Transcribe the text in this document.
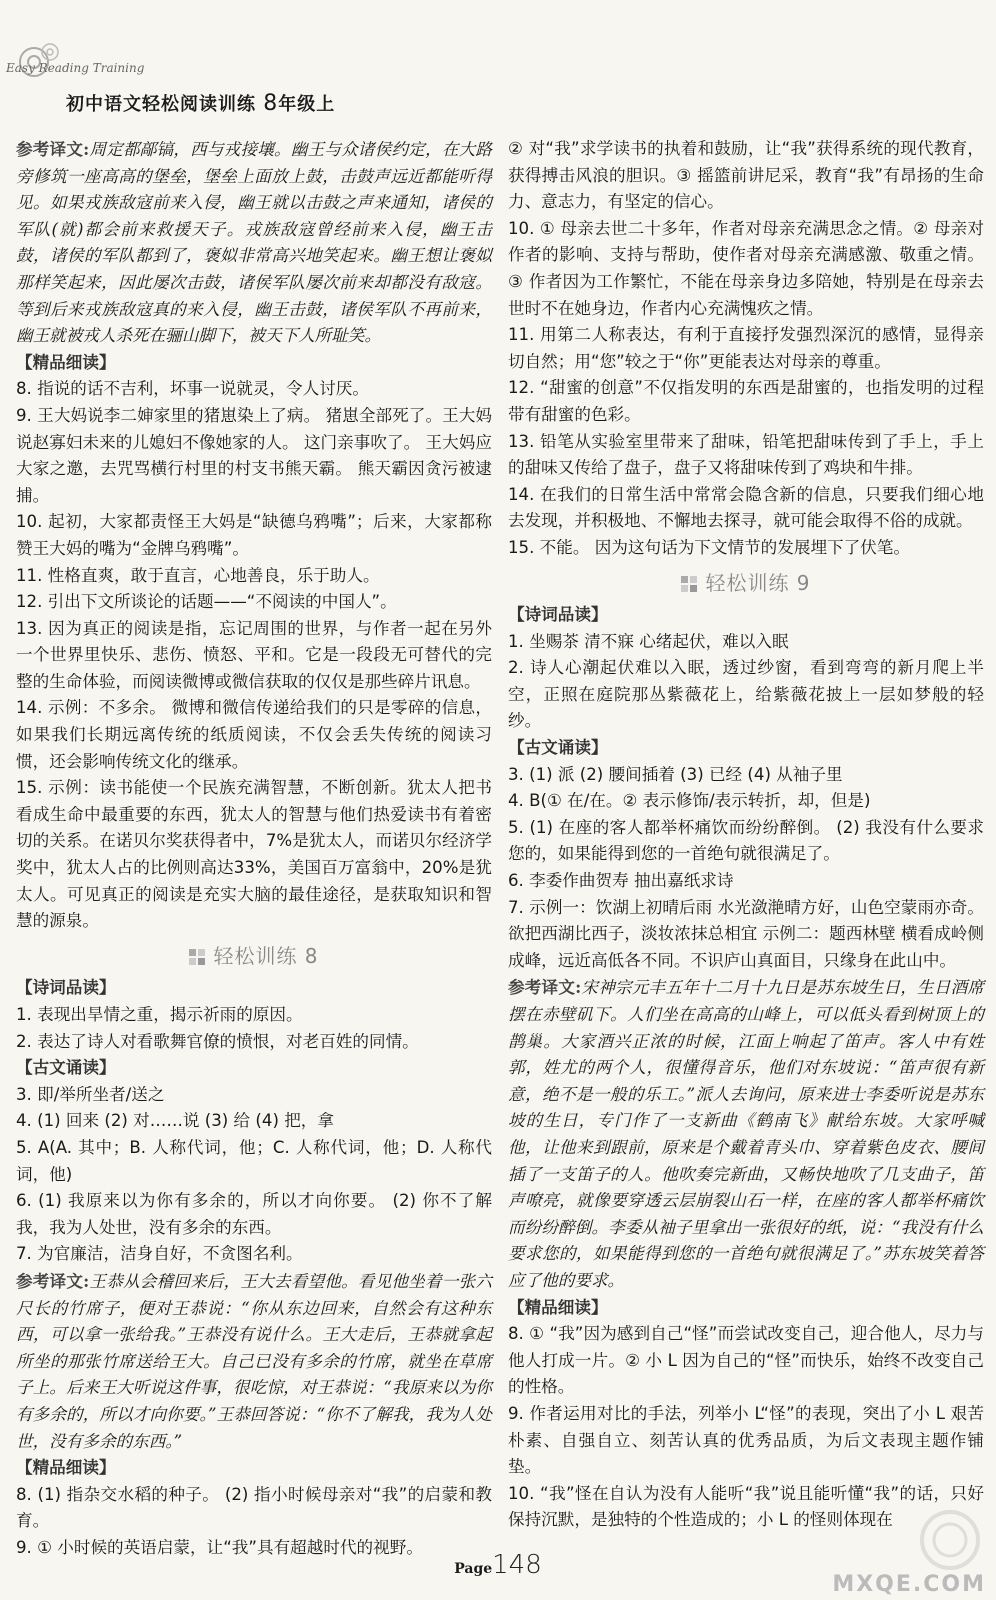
Easy Reading Training
初中语文轻松阅读训练 8年级上

参考译文:周定都鄗镐，西与戎接壤。幽王与众诸侯约定，在大路旁修筑一座高高的堡垒，堡垒上面放上鼓，击鼓声远近都能听得见。如果戎族敌寇前来入侵，幽王就以击鼓之声来通知，诸侯的军队(就)都会前来救援天子。戎族敌寇曾经前来入侵，幽王击鼓，诸侯的军队都到了，褒姒非常高兴地笑起来。幽王想让褒姒那样笑起来，因此屡次击鼓，诸侯军队屡次前来却都没有敌寇。等到后来戎族敌寇真的来入侵，幽王击鼓，诸侯军队不再前来，幽王就被戎人杀死在骊山脚下，被天下人所耻笑。

【精品细读】

8. 指说的话不吉利，坏事一说就灵，令人讨厌。

9. 王大妈说李二婶家里的猪崽染上了病。 猪崽全部死了。王大妈说赵寡妇未来的儿媳妇不像她家的人。 这门亲事吹了。 王大妈应大家之邀，去咒骂横行村里的村支书熊天霸。 熊天霸因贪污被逮捕。

10. 起初，大家都责怪王大妈是“缺德乌鸦嘴”；后来，大家都称赞王大妈的嘴为“金牌乌鸦嘴”。

11. 性格直爽，敢于直言，心地善良，乐于助人。

12. 引出下文所谈论的话题——“不阅读的中国人”。

13. 因为真正的阅读是指，忘记周围的世界，与作者一起在另外一个世界里快乐、悲伤、愤怒、平和。它是一段段无可替代的完整的生命体验，而阅读微博或微信获取的仅仅是那些碎片讯息。

14. 示例：不多余。 微博和微信传递给我们的只是零碎的信息，如果我们长期远离传统的纸质阅读，不仅会丢失传统的阅读习惯，还会影响传统文化的继承。

15. 示例：读书能使一个民族充满智慧，不断创新。犹太人把书看成生命中最重要的东西，犹太人的智慧与他们热爱读书有着密切的关系。在诺贝尔奖获得者中，7%是犹太人，而诺贝尔经济学奖中，犹太人占的比例则高达33%，美国百万富翁中，20%是犹太人。可见真正的阅读是充实大脑的最佳途径，是获取知识和智慧的源泉。

轻松训练 8

【诗词品读】

1. 表现出旱情之重，揭示祈雨的原因。

2. 表达了诗人对看歌舞官僚的愤恨，对老百姓的同情。

【古文诵读】

3. 即/举所坐者/送之

4. (1) 回来 (2) 对……说 (3) 给 (4) 把，拿

5. A(A. 其中；B. 人称代词，他；C. 人称代词，他；D. 人称代词，他)

6. (1) 我原来以为你有多余的，所以才向你要。 (2) 你不了解我，我为人处世，没有多余的东西。

7. 为官廉洁，洁身自好，不贪图名利。

参考译文:王恭从会稽回来后，王大去看望他。看见他坐着一张六尺长的竹席子，便对王恭说：“你从东边回来，自然会有这种东西，可以拿一张给我。”王恭没有说什么。王大走后，王恭就拿起所坐的那张竹席送给王大。自己已没有多余的竹席，就坐在草席子上。后来王大听说这件事，很吃惊，对王恭说：“我原来以为你有多余的，所以才向你要。”王恭回答说：“你不了解我，我为人处世，没有多余的东西。”

【精品细读】

8. (1) 指杂交水稻的种子。 (2) 指小时候母亲对“我”的启蒙和教育。

9. ① 小时候的英语启蒙，让“我”具有超越时代的视野。

② 对“我”求学读书的执着和鼓励，让“我”获得系统的现代教育，获得搏击风浪的胆识。③ 摇篮前讲尼采，教育“我”有昂扬的生命力、意志力，有坚定的信心。

10. ① 母亲去世二十多年，作者对母亲充满思念之情。② 母亲对作者的影响、支持与帮助，使作者对母亲充满感激、敬重之情。③ 作者因为工作繁忙，不能在母亲身边多陪她，特别是在母亲去世时不在她身边，作者内心充满愧疚之情。

11. 用第二人称表达，有利于直接抒发强烈深沉的感情，显得亲切自然；用“您”较之于“你”更能表达对母亲的尊重。

12. “甜蜜的创意”不仅指发明的东西是甜蜜的，也指发明的过程带有甜蜜的色彩。

13. 铅笔从实验室里带来了甜味，铅笔把甜味传到了手上，手上的甜味又传给了盘子，盘子又将甜味传到了鸡块和牛排。

14. 在我们的日常生活中常常会隐含新的信息，只要我们细心地去发现，并积极地、不懈地去探寻，就可能会取得不俗的成就。

15. 不能。 因为这句话为下文情节的发展埋下了伏笔。

轻松训练 9

【诗词品读】

1. 坐赐茶 清不寐 心绪起伏，难以入眠

2. 诗人心潮起伏难以入眠，透过纱窗，看到弯弯的新月爬上半空，正照在庭院那丛紫薇花上，给紫薇花披上一层如梦般的轻纱。

【古文诵读】

3. (1) 派 (2) 腰间插着 (3) 已经 (4) 从袖子里

4. B(① 在/在。② 表示修饰/表示转折，却，但是)

5. (1) 在座的客人都举杯痛饮而纷纷醉倒。 (2) 我没有什么要求您的，如果能得到您的一首绝句就很满足了。

6. 李委作曲贺寿 抽出嘉纸求诗

7. 示例一：饮湖上初晴后雨 水光潋滟晴方好，山色空蒙雨亦奇。欲把西湖比西子，淡妆浓抹总相宜 示例二：题西林壁 横看成岭侧成峰，远近高低各不同。不识庐山真面目，只缘身在此山中。

参考译文:宋神宗元丰五年十二月十九日是苏东坡生日，生日酒席摆在赤壁矶下。人们坐在高高的山峰上，可以低头看到树顶上的鹊巢。大家酒兴正浓的时候，江面上响起了笛声。客人中有姓郭，姓尤的两个人，很懂得音乐，他们对东坡说：“笛声很有新意，绝不是一般的乐工。”派人去询问，原来进士李委听说是苏东坡的生日，专门作了一支新曲《鹤南飞》献给东坡。大家呼喊他，让他来到跟前，原来是个戴着青头巾、穿着紫色皮衣、腰间插了一支笛子的人。他吹奏完新曲，又畅快地吹了几支曲子，笛声嘹亮，就像要穿透云层崩裂山石一样，在座的客人都举杯痛饮而纷纷醉倒。李委从袖子里拿出一张很好的纸，说：“我没有什么要求您的，如果能得到您的一首绝句就很满足了。”苏东坡笑着答应了他的要求。

【精品细读】

8. ① “我”因为感到自己“怪”而尝试改变自己，迎合他人，尽力与他人打成一片。② 小 L 因为自己的“怪”而快乐，始终不改变自己的性格。

9. 作者运用对比的手法，列举小 L“怪”的表现，突出了小 L 艰苦朴素、自强自立、刻苦认真的优秀品质，为后文表现主题作铺垫。

10. “我”怪在自认为没有人能听“我”说且能听懂“我”的话，只好保持沉默，是独特的个性造成的；小 L 的怪则体现在

MXQE.COM
Page148
